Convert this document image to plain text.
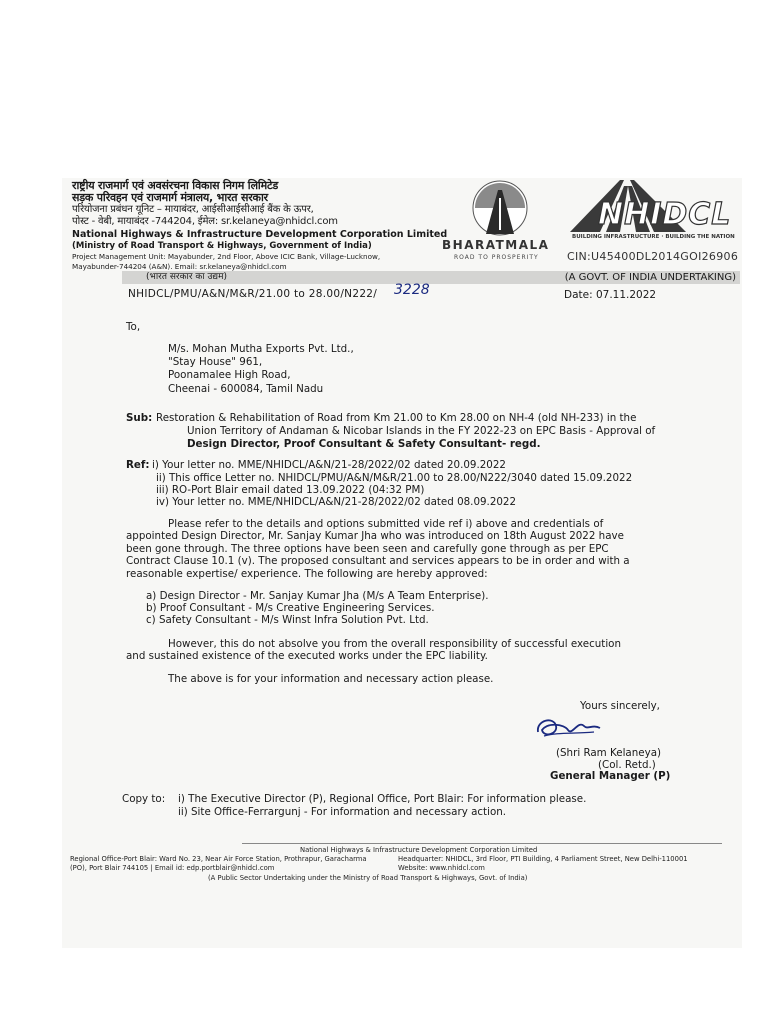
राष्ट्रीय राजमार्ग एवं अवसंरचना विकास निगम लिमिटेड
सड़क परिवहन एवं राजमार्ग मंत्रालय, भारत सरकार
परियोजना प्रबंधन यूनिट – मायाबंदर, आईसीआईसीआई बैंक के ऊपर,
पोस्ट - वेबी, मायाबंदर -744204, ईमेल: sr.kelaneya@nhidcl.com
National Highways & Infrastructure Development Corporation Limited
(Ministry of Road Transport & Highways, Government of India)
Project Management Unit: Mayabunder, 2nd Floor, Above ICIC Bank, Village-Lucknow,
Mayabunder-744204 (A&N). Email: sr.kelaneya@nhidcl.com
BHARATMALA
ROAD TO PROSPERITY
NHIDCL
BUILDING INFRASTRUCTURE · BUILDING THE NATION
CIN:U45400DL2014GOI26906
(भारत सरकार का उद्यम)	(A GOVT. OF INDIA UNDERTAKING)
NHIDCL/PMU/A&N/M&R/21.00 to 28.00/N222/ 3228	Date: 07.11.2022
To,
M/s. Mohan Mutha Exports Pvt. Ltd.,
"Stay House" 961,
Poonamalee High Road,
Cheenai - 600084, Tamil Nadu
Sub: Restoration & Rehabilitation of Road from Km 21.00 to Km 28.00 on NH-4 (old NH-233) in the
Union Territory of Andaman & Nicobar Islands in the FY 2022-23 on EPC Basis - Approval of
Design Director, Proof Consultant & Safety Consultant- regd.
Ref: i) Your letter no. MME/NHIDCL/A&N/21-28/2022/02 dated 20.09.2022
ii) This office Letter no. NHIDCL/PMU/A&N/M&R/21.00 to 28.00/N222/3040 dated 15.09.2022
iii) RO-Port Blair email dated 13.09.2022 (04:32 PM)
iv) Your letter no. MME/NHIDCL/A&N/21-28/2022/02 dated 08.09.2022
Please refer to the details and options submitted vide ref i) above and credentials of
appointed Design Director, Mr. Sanjay Kumar Jha who was introduced on 18th August 2022 have
been gone through. The three options have been seen and carefully gone through as per EPC
Contract Clause 10.1 (v). The proposed consultant and services appears to be in order and with a
reasonable expertise/ experience. The following are hereby approved:
a) Design Director - Mr. Sanjay Kumar Jha (M/s A Team Enterprise).
b) Proof Consultant - M/s Creative Engineering Services.
c) Safety Consultant - M/s Winst Infra Solution Pvt. Ltd.
However, this do not absolve you from the overall responsibility of successful execution
and sustained existence of the executed works under the EPC liability.
The above is for your information and necessary action please.
Yours sincerely,
(Shri Ram Kelaneya)
(Col. Retd.)
General Manager (P)
Copy to: i) The Executive Director (P), Regional Office, Port Blair: For information please.
ii) Site Office-Ferrargunj - For information and necessary action.
National Highways & Infrastructure Development Corporation Limited
Regional Office-Port Blair: Ward No. 23, Near Air Force Station, Prothrapur, Garacharma	Headquarter: NHIDCL, 3rd Floor, PTI Building, 4 Parliament Street, New Delhi-110001
(PO), Port Blair 744105 | Email id: edp.portblair@nhidcl.com	Website: www.nhidcl.com
(A Public Sector Undertaking under the Ministry of Road Transport & Highways, Govt. of India)
